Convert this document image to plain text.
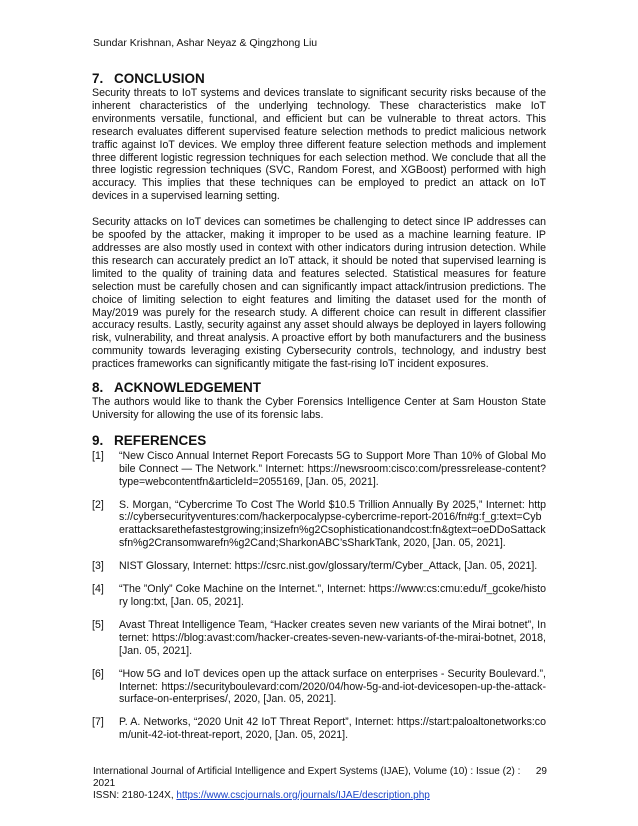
Sundar Krishnan, Ashar Neyaz & Qingzhong Liu
7. CONCLUSION

Security threats to IoT systems and devices translate to significant security risks because of the inherent characteristics of the underlying technology. These characteristics make IoT environments versatile, functional, and efficient but can be vulnerable to threat actors. This research evaluates different supervised feature selection methods to predict malicious network traffic against IoT devices. We employ three different feature selection methods and implement three different logistic regression techniques for each selection method. We conclude that all the three logistic regression techniques (SVC, Random Forest, and XGBoost) performed with high accuracy. This implies that these techniques can be employed to predict an attack on IoT devices in a supervised learning setting.

Security attacks on IoT devices can sometimes be challenging to detect since IP addresses can be spoofed by the attacker, making it improper to be used as a machine learning feature. IP addresses are also mostly used in context with other indicators during intrusion detection. While this research can accurately predict an IoT attack, it should be noted that supervised learning is limited to the quality of training data and features selected. Statistical measures for feature selection must be carefully chosen and can significantly impact attack/intrusion predictions. The choice of limiting selection to eight features and limiting the dataset used for the month of May/2019 was purely for the research study. A different choice can result in different classifier accuracy results. Lastly, security against any asset should always be deployed in layers following risk, vulnerability, and threat analysis. A proactive effort by both manufacturers and the business community towards leveraging existing Cybersecurity controls, technology, and industry best practices frameworks can significantly mitigate the fast-rising IoT incident exposures.

8. ACKNOWLEDGEMENT

The authors would like to thank the Cyber Forensics Intelligence Center at Sam Houston State University for allowing the use of its forensic labs.

9. REFERENCES
[1]	“New Cisco Annual Internet Report Forecasts 5G to Support More Than 10% of Global Mobile Connect — The Network.” Internet: https://newsroom:cisco:com/pressrelease-content?type=webcontentfn&articleId=2055169, [Jan. 05, 2021].
[2]	S. Morgan, “Cybercrime To Cost The World $10.5 Trillion Annually By 2025,” Internet: https://cybersecurityventures:com/hackerpocalypse-cybercrime-report-2016/fn#g:f_g:text=Cyberattacksarethefastestgrowing;insizefn%g2Csophisticationandcost:fn&gtext=oeDDoSattacksfn%g2Cransomwarefn%g2Cand;SharkonABC’sSharkTank, 2020, [Jan. 05, 2021].
[3]	NIST Glossary, Internet: https://csrc.nist.gov/glossary/term/Cyber_Attack, [Jan. 05, 2021].
[4]	“The ”Only” Coke Machine on the Internet.”, Internet: https://www:cs:cmu:edu/f_gcoke/history long:txt, [Jan. 05, 2021].
[5]	Avast Threat Intelligence Team, “Hacker creates seven new variants of the Mirai botnet”, Internet: https://blog:avast:com/hacker-creates-seven-new-variants-of-the-mirai-botnet, 2018, [Jan. 05, 2021].
[6]	“How 5G and IoT devices open up the attack surface on enterprises - Security Boulevard.”, Internet: https://securityboulevard:com/2020/04/how-5g-and-iot-devicesopen-up-the-attack-surface-on-enterprises/, 2020, [Jan. 05, 2021].
[7]	P. A. Networks, “2020 Unit 42 IoT Threat Report”, Internet: https://start:paloaltonetworks:com/unit-42-iot-threat-report, 2020, [Jan. 05, 2021].
International Journal of Artificial Intelligence and Expert Systems (IJAE), Volume (10) : Issue (2) : 2021
29
ISSN: 2180-124X, https://www.cscjournals.org/journals/IJAE/description.php
